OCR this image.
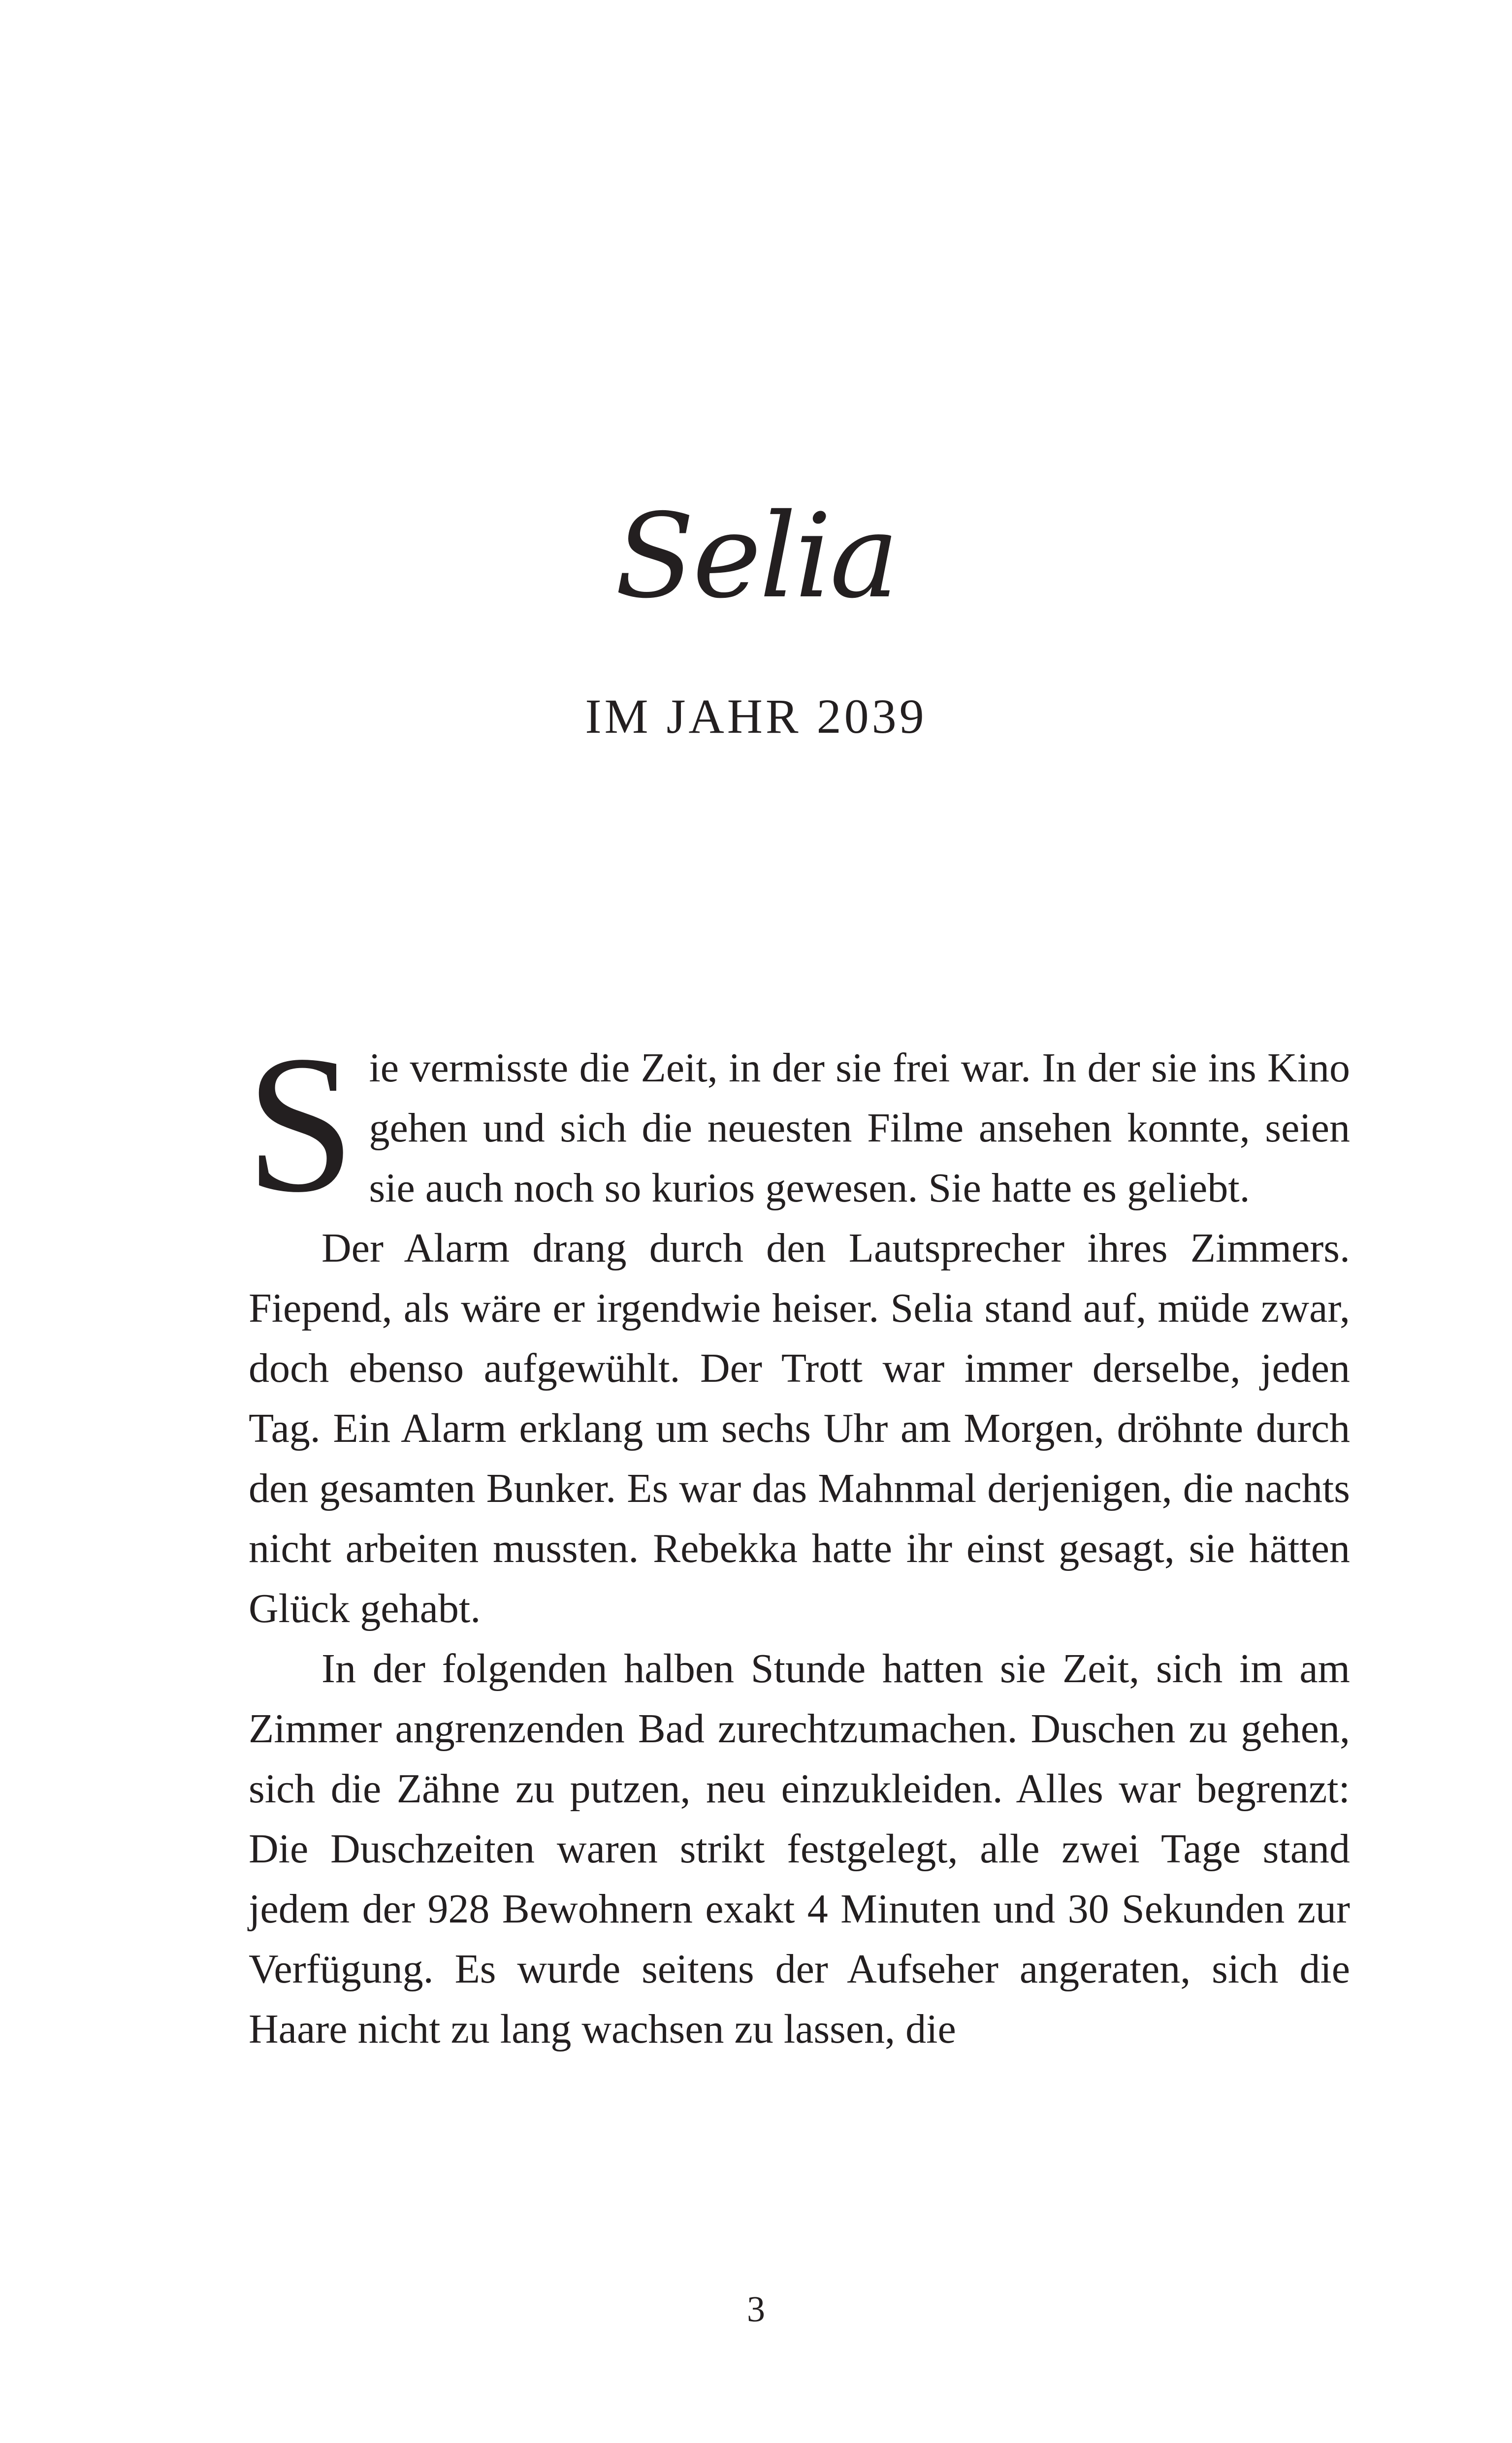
Selia
IM JAHR 2039

Sie vermisste die Zeit, in der sie frei war. In der sie ins Kino gehen und sich die neuesten Filme ansehen konnte, seien sie auch noch so kurios gewesen. Sie hatte es geliebt.

Der Alarm drang durch den Lautsprecher ihres Zimmers. Fiepend, als wäre er irgendwie heiser. Selia stand auf, müde zwar, doch ebenso aufgewühlt. Der Trott war immer derselbe, jeden Tag. Ein Alarm erklang um sechs Uhr am Morgen, dröhnte durch den gesamten Bunker. Es war das Mahnmal derjenigen, die nachts nicht arbeiten mussten. Rebekka hatte ihr einst gesagt, sie hätten Glück gehabt.

In der folgenden halben Stunde hatten sie Zeit, sich im am Zimmer angrenzenden Bad zurechtzumachen. Duschen zu gehen, sich die Zähne zu putzen, neu einzukleiden. Alles war begrenzt: Die Duschzeiten waren strikt festgelegt, alle zwei Tage stand jedem der 928 Bewohnern exakt 4 Minuten und 30 Sekunden zur Verfügung. Es wurde seitens der Aufseher angeraten, sich die Haare nicht zu lang wachsen zu lassen, die

3
